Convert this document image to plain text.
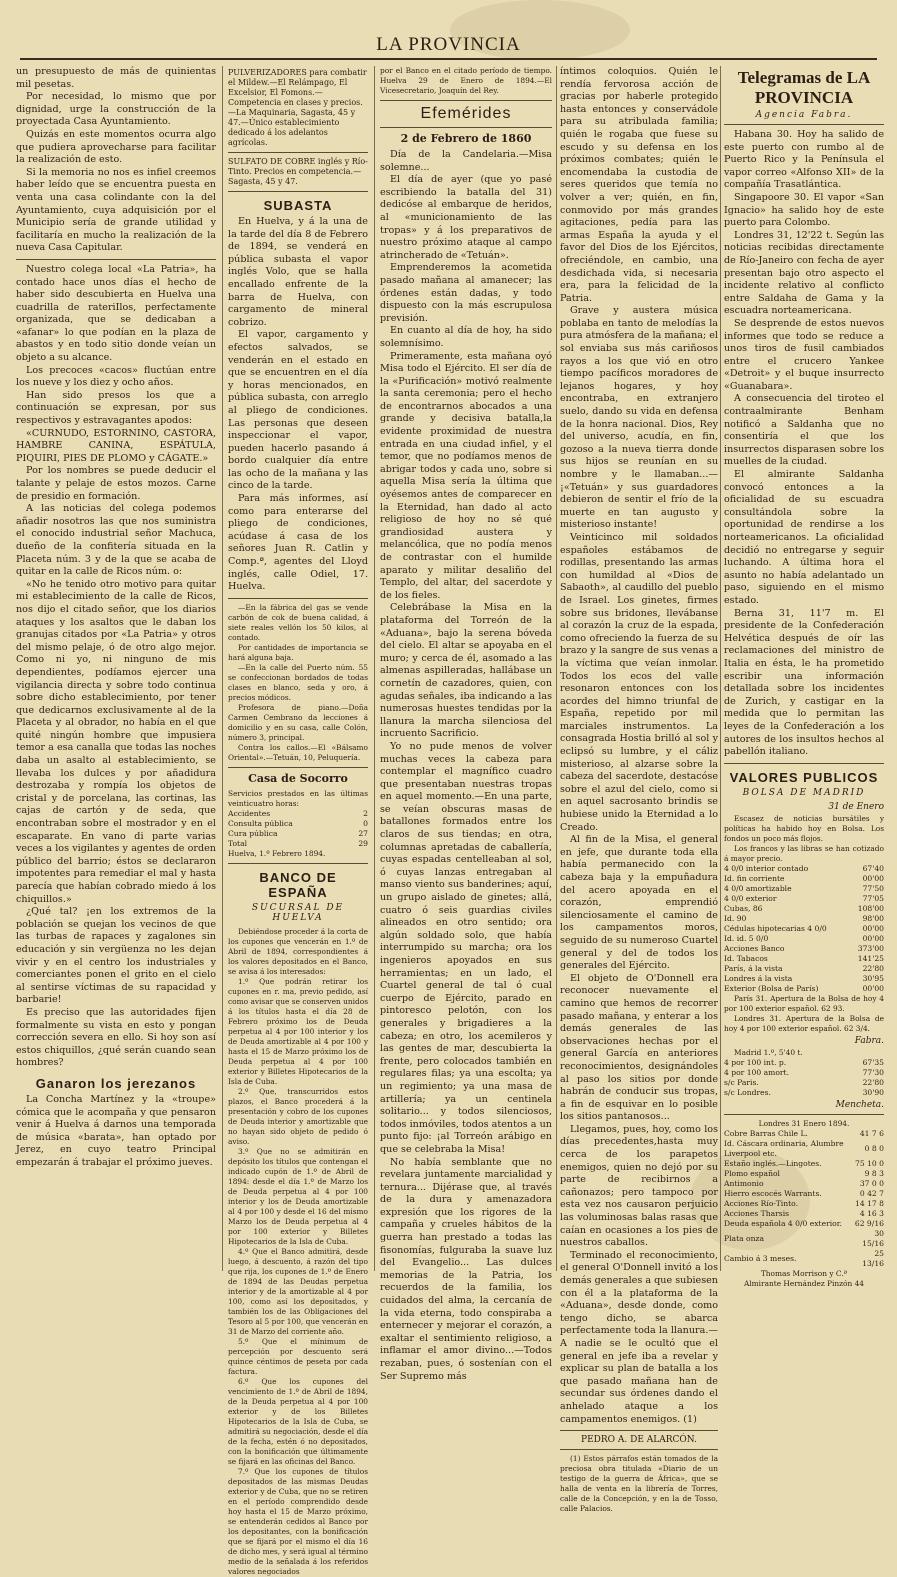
LA PROVINCIA

un presupuesto de más de quinientas mil pesetas.

Por necesidad, lo mismo que por dignidad, urge la construcción de la proyectada Casa Ayuntamiento.

Quizás en este momentos ocurra algo que pudiera aprovecharse para facilitar la realización de esto.

Si la memoria no nos es infiel creemos haber leído que se encuentra puesta en venta una casa colindante con la del Ayuntamiento, cuya adquisición por el Municipio sería de grande utilidad y facilitaría en mucho la realización de la nueva Casa Capitular.

Nuestro colega local «La Patria», ha contado hace unos días el hecho de haber sido descubierta en Huelva una cuadrilla de rateriIlos, perfectamente organizada, que se dedicaban a «afanar» lo que podían en la plaza de abastos y en todo sitio donde veían un objeto a su alcance.

Los precoces «cacos» fluctúan entre los nueve y los diez y ocho años.

Han sido presos los que a continuación se expresan, por sus respectivos y estravagantes apodos:

«CURNUDO, ESTORNINO, CASTORA, HAMBRE CANINA, ESPÁTULA, PIQUIRI, PIES DE PLOMO y CÁGATE.»

Por los nombres se puede deducir el talante y pelaje de estos mozos. Carne de presidio en formación.

A las noticias del colega podemos añadir nosotros las que nos suministra el conocido industrial señor Machuca, dueño de la confitería situada en la Placeta núm. 3 y de la que se acaba de quitar en la calle de Ricos núm. o:

«No he tenido otro motivo para quitar mi establecimiento de la calle de Ricos, nos dijo el citado señor, que los diarios ataques y los asaltos que le daban los granujas citados por «La Patria» y otros del mismo pelaje, ó de otro algo mejor. Como ni yo, ni ninguno de mis dependientes, podíamos ejercer una vigilancia directa y sobre todo continua sobre dicho establecimiento, por tener que dedicarnos exclusivamente al de la Placeta y al obrador, no había en el que quité ningún hombre que impusiera temor a esa canalla que todas las noches daba un asalto al establecimiento, se llevaba los dulces y por añadidura destrozaba y rompía los objetos de cristal y de porcelana, las cortinas, las cajas de cartón y de seda, que encontraban sobre el mostrador y en el escaparate. En vano di parte varias veces a los vigilantes y agentes de orden público del barrio; éstos se declararon impotentes para remediar el mal y hasta parecía que habían cobrado miedo á los chiquillos.»

¿Qué tal? ¡en los extremos de la población se quejan los vecinos de que las turbas de rapaces y zagalones sin educación y sin vergüenza no les dejan vivir y en el centro los industriales y comerciantes ponen el grito en el cielo al sentirse víctimas de su rapacidad y barbarie!

Es preciso que las autoridades fijen formalmente su vista en esto y pongan corrección severa en ello. Si hoy son así estos chiquillos, ¿qué serán cuando sean hombres?

Ganaron los jerezanos

La Concha Martínez y la «troupe» cómica que le acompaña y que pensaron venir á Huelva á darnos una temporada de música «barata», han optado por Jerez, en cuyo teatro Principal empezarán á trabajar el próximo jueves.

PULVERIZADORES para combatir el Mildew.—El Relámpago, El Excelsior, El Fomons.—Competencia en clases y precios.—La Maquinaria, Sagasta, 45 y 47.—Único establecimiento dedicado á los adelantos agrícolas.
SULFATO DE COBRE inglés y Río-Tinto. Precios en competencia.—Sagasta, 45 y 47.
SUBASTA

En Huelva, y á la una de la tarde del día 8 de Febrero de 1894, se venderá en pública subasta el vapor inglés Volo, que se halla encallado enfrente de la barra de Huelva, con cargamento de mineral cobrizo.

El vapor, cargamento y efectos salvados, se venderán en el estado en que se encuentren en el día y horas mencionados, en pública subasta, con arreglo al pliego de condiciones. Las personas que deseen inspeccionar el vapor, pueden hacerlo pasando á bordo cualquier día entre las ocho de la mañana y las cinco de la tarde.

Para más informes, así como para enterarse del pliego de condiciones, acúdase á casa de los señores Juan R. Catlin y Comp.ª, agentes del Lloyd inglés, calle Odiel, 17. Huelva.

—En la fábrica del gas se vende carbón de cok de buena calidad, á siete reales vellón los 50 kilos, al contado.

Por cantidades de importancia se hará alguna baja.

—En la calle del Puerto núm. 55 se confeccionan bordados de todas clases en blanco, seda y oro, á precios módicos.

Profesora de piano.—Doña Carmen Cembrano da lecciones á domicilio y en su casa, calle Colón, número 3, principal.

Contra los callos.—El «Bálsamo Oriental».—Tetuán, 10, Peluquería.

Casa de Socorro

Servicios prestados en las últimas veinticuatro horas:

Accidentes	2
Consulta pública	0
Cura pública	27
Total	29

Huelva, 1.º Febrero 1894.

BANCO DE ESPAÑA
SUCURSAL DE HUELVA

Debiéndose proceder á la corta de los cupones que vencerán en 1.º de Abril de 1894, correspondientes á los valores depositados en el Banco, se avisa á los interesados:

1.º Que podrán retirar los cupones en r. ma, previo pedido, así como avisar que se conserven unidos á los títulos hasta el día 28 de Febrero próximo los de Deuda perpetua al 4 por 100 interior y los de Deuda amortizable al 4 por 100 y hasta el 15 de Marzo próximo los de Deuda perpetua al 4 por 100 exterior y Billetes Hipotecarios de la Isla de Cuba.

2.º Que, transcurridos estos plazos, el Banco procederá á la presentación y cobro de los cupones de Deuda interior y amortizable que no hayan sido objeto de pedido ó aviso.

3.º Que no se admitirán en depósito los títulos que contengan el indicado cupón de 1.º de Abril de 1894: desde el día 1.º de Marzo los de Deuda perpetua al 4 por 100 interior y los de Deuda amortizable al 4 por 100 y desde el 16 del mismo Marzo los de Deuda perpetua al 4 por 100 exterior y Billetes Hipotecarios de la Isla de Cuba.

4.º Que el Banco admitirá, desde luego, á descuento, á razón del tipo que rija, los cupones de 1.º de Enero de 1894 de las Deudas perpetua interior y de la amortizable al 4 por 100, como así los depositados, y también los de las Obligaciones del Tesoro al 5 por 100, que vencerán en 31 de Marzo del corriente año.

5.º Que el mínimum de percepción por descuento será quince céntimos de peseta por cada factura.

6.º Que los cupones del vencimiento de 1.º de Abril de 1894, de la Deuda perpetua al 4 por 100 exterior y de los Billetes Hipotecarios de la Isla de Cuba, se admitirá su negociación, desde el día de la fecha, estén ó no depositados, con la bonificación que últimamente se fijará en las oficinas del Banco.

7.º Que los cupones de títulos depositados de las mismas Deudas exterior y de Cuba, que no se retiren en el período comprendido desde hoy hasta el 15 de Marzo próximo, se entenderán cedidos al Banco por los depositantes, con la bonificación que se fijará por el mismo el día 16 de dicho mes, y será igual al término medio de la señalada á los referidos valores negociados

por el Banco en el citado período de tiempo. Huelva 29 de Enero de 1894.—El Vicesecretario, Joaquín del Rey.

Efemérides
2 de Febrero de 1860

Día de la Candelaria.—Misa solemne...

El día de ayer (que yo pasé escribiendo la batalla del 31) dedicóse al embarque de heridos, al «municionamiento de las tropas» y á los preparativos de nuestro próximo ataque al campo atrincherado de «Tetuán».

Emprenderemos la acometida pasado mañana al amanecer; las órdenes están dadas, y todo dispuesto con la más escrupulosa previsión.

En cuanto al día de hoy, ha sido solemnísimo.

Primeramente, esta mañana oyó Misa todo el Ejército. El ser día de la «Purificación» motivó realmente la santa ceremonia; pero el hecho de encontrarnos abocados a una grande y decisiva batalla,la evidente proximidad de nuestra entrada en una ciudad infiel, y el temor, que no podíamos menos de abrigar todos y cada uno, sobre si aquella Misa sería la última que oyésemos antes de comparecer en la Eternidad, han dado al acto religioso de hoy no sé qué grandiosidad austera y melancólica, que no podía menos de contrastar con el humilde aparato y militar desaliño del Templo, del altar, del sacerdote y de los fieles.

Celebrábase la Misa en la plataforma del Torreón de la «Aduana», bajo la serena bóveda del cielo. El altar se apoyaba en el muro; y cerca de él, asomado a las almenas aspilleradas, hallábase un cornetín de cazadores, quien, con agudas señales, iba indicando a las numerosas huestes tendidas por la llanura la marcha silenciosa del incruento Sacrificio.

Yo no pude menos de volver muchas veces la cabeza para contemplar el magnífico cuadro que presentaban nuestras tropas en aquel momento.—En una parte, se veían obscuras masas de batallones formados entre los claros de sus tiendas; en otra, columnas apretadas de caballería, cuyas espadas centelleaban al sol, ó cuyas lanzas entregaban al manso viento sus banderines; aquí, un grupo aislado de ginetes; allá, cuatro ó seis guardias civiles alineados en otro sentido; ora algún soldado solo, que había interrumpido su marcha; ora los ingenieros apoyados en sus herramientas; en un lado, el Cuartel general de tal ó cual cuerpo de Ejército, parado en pintoresco pelotón, con los generales y brigadieres a la cabeza; en otro, los acemileros y las gentes de mar, descubierta la frente, pero colocados también en regulares filas; ya una escolta; ya un regimiento; ya una masa de artillería; ya un centinela solitario... y todos silenciosos, todos inmóviles, todos atentos a un punto fijo: ¡al Torreón arábigo en que se celebraba la Misa!

No había semblante que no revelara juntamente marcialidad y ternura... Dijérase que, al través de la dura y amenazadora expresión que los rigores de la campaña y crueles hábitos de la guerra han prestado a todas las fisonomías, fulguraba la suave luz del Evangelio... Las dulces memorias de la Patria, los recuerdos de la familia, los cuidados del alma, la cercanía de la vida eterna, todo conspiraba a enternecer y mejorar el corazón, a exaltar el sentimiento religioso, a inflamar el amor divino...—Todos rezaban, pues, ó sostenían con el Ser Supremo más

íntimos coloquios. Quién le rendía fervorosa acción de gracias por haberle protegido hasta entonces y conservádole para su atribulada familia; quién le rogaba que fuese su escudo y su defensa en los próximos combates; quién le encomendaba la custodia de seres queridos que temía no volver a ver; quién, en fin, conmovido por más grandes agitaciones, pedía para las armas España la ayuda y el favor del Dios de los Ejércitos, ofreciéndole, en cambio, una desdichada vida, si necesaria era, para la felicidad de la Patria.

Grave y austera música poblaba en tanto de melodías la pura atmósfera de la mañana; el sol enviaba sus más cariñosos rayos a los que vió en otro tiempo pacíficos moradores de lejanos hogares, y hoy encontraba, en extranjero suelo, dando su vida en defensa de la honra nacional. Dios, Rey del universo, acudía, en fin, gozoso a la nueva tierra donde sus hijos se reunían en su nombre y le llamaban...—¡«Tetuán» y sus guardadores debieron de sentir el frío de la muerte en tan augusto y misterioso instante!

Veinticinco mil soldados españoles estábamos de rodillas, presentando las armas con humildad al «Dios de Sabaoth», al caudillo del pueblo de Israel. Los ginetes, firmes sobre sus bridones, llevábanse al corazón la cruz de la espada, como ofreciendo la fuerza de su brazo y la sangre de sus venas a la víctima que veían inmolar. Todos los ecos del valle resonaron entonces con los acordes del himno triunfal de España, repetido por mil marciales instrumentos. La consagrada Hostia brilló al sol y eclipsó su lumbre, y el cáliz misterioso, al alzarse sobre la cabeza del sacerdote, destacóse sobre el azul del cielo, como si en aquel sacrosanto brindis se hubiese unido la Eternidad a lo Creado.

Al fin de la Misa, el general en jefe, que durante toda ella había permanecido con la cabeza baja y la empuñadura del acero apoyada en el corazón, emprendió silenciosamente el camino de los campamentos moros, seguido de su numeroso Cuartel general y del de todos los generales del Ejército.

El objeto de O'Donnell era reconocer nuevamente el camino que hemos de recorrer pasado mañana, y enterar a los demás generales de las observaciones hechas por el general García en anteriores reconocimientos, designándoles al paso los sitios por donde habrán de conducir sus tropas, a fin de esquivar en lo posible los sitios pantanosos...

Llegamos, pues, hoy, como los días precedentes,hasta muy cerca de los parapetos enemigos, quien no dejó por su parte de recibirnos a cañonazos; pero tampoco por esta vez nos causaron perjuicio las voluminosas balas rasas que caían en ocasiones a los pies de nuestros caballos.

Terminado el reconocimiento, el general O'Donnell invitó a los demás generales a que subiesen con él a la plataforma de la «Aduana», desde donde, como tengo dicho, se abarca perfectamente toda la llanura.—A nadie se le ocultó que el general en jefe iba a revelar y explicar su plan de batalla a los que pasado mañana han de secundar sus órdenes dando el anhelado ataque a los campamentos enemigos. (1)

PEDRO A. DE ALARCÓN.

(1) Estos párrafos están tomados de la preciosa obra titulada «Diario de un testigo de la guerra de África», que se halla de venta en la librería de Torres, calle de la Concepción, y en la de Tosso, calle Palacios.

Telegramas de LA PROVINCIA
Agencia Fabra.

Habana 30. Hoy ha salido de este puerto con rumbo al de Puerto Rico y la Península el vapor correo «Alfonso XII» de la compañía Trasatlántica.

Singapoore 30. El vapor «San Ignacio» ha salido hoy de este puerto para Colombo.

Londres 31, 12'22 t. Según las noticias recibidas directamente de Río-Janeiro con fecha de ayer presentan bajo otro aspecto el incidente relativo al conflicto entre Saldaha de Gama y la escuadra norteamericana.

Se desprende de estos nuevos informes que todo se reduce a unos tiros de fusil cambiados entre el crucero Yankee «Detroit» y el buque insurrecto «Guanabara».

A consecuencia del tiroteo el contraalmirante Benham notificó a Saldanha que no consentiría el que los insurrectos disparasen sobre los muelles de la ciudad.

El almirante Saldanha convocó entonces a la oficialidad de su escuadra consultándola sobre la oportunidad de rendirse a los norteamericanos. La oficialidad decidió no entregarse y seguir luchando. A última hora el asunto no había adelantado un paso, siguiendo en el mismo estado.

Berna 31, 11'7 m. El presidente de la Confederación Helvética después de oír las reclamaciones del ministro de Italia en ésta, le ha prometido escribir una información detallada sobre los incidentes de Zurich, y castigar en la medida que lo permitan las leyes de la Confederación a los autores de los insultos hechos al pabellón italiano.

VALORES PUBLICOS
BOLSA DE MADRID
31 de Enero

Escasez de noticias bursátiles y políticas ha habido hoy en Bolsa. Los fondos un poco más flojos.

Los francos y las libras se han cotizado á mayor precio.

4 0/0 interior contado	67'40
Id. fin corriente	00'00
4 0/0 amortizable	77'50
4 0/0 exterior	77'05
Cubas, 86	108'00
Id. 90	98'00
Cédulas hipotecarias 4 0/0	00'00
Id. id. 5 0/0	00'00
Acciones Banco	373'00
Id. Tabacos	141'25
París, á la vista	22'80
Londres á la vista	30'95
Exterior (Bolsa de París)	00'00

París 31. Apertura de la Bolsa de hoy 4 por 100 exterior español. 62 93.

Londres 31. Apertura de la Bolsa de hoy 4 por 100 exterior español. 62 3/4.

Fabra.

Madrid 1.º, 5'40 t.

4 por 100 int. p.	67'35
4 por 100 amort.	77'30
s/c Paris.	22'80
s/c Londres.	30'90
Mencheta.

Londres 31 Enero 1894.

Cobre Barras Chile L.	41 7 6
Id. Cáscara ordinaria, Alumbre Liverpool etc.	0 8 0
Estaño inglés.—Lingotes.	75 10 0
Plomo español	9 8 3
Antimonio	37 0 0
Hierro escocés Warrants.	0 42 7
Acciones Río-Tinto.	14 17 8
Acciones Tharsis	4 16 3
Deuda española 4 0/0 exterior.	62 9/16
Plata onza	30 15/16
Cambio á 3 meses.	25 13/16

Thomas Morrison y C.ª

Almirante Hernández Pinzón 44
